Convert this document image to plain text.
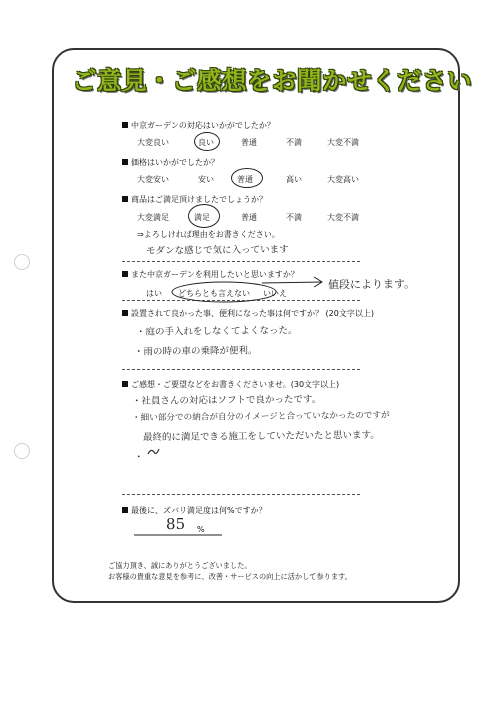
ご意見・ご感想をお聞かせください
中京ガーデンの対応はいかがでしたか？
大変良い	良い	普通	不満	大変不満
価格はいかがでしたか？
大変安い	安い	普通	高い	大変高い
商品はご満足頂けましたでしょうか？
大変満足	満足	普通	不満	大変不満
⇒よろしければ理由をお書きください。
モダンな感じで気に入っています
また中京ガーデンを利用したいと思いますか？
はい どちらとも言えない いいえ
値段によります。
設置されて良かった事、便利になった事は何ですか？ (20文字以上)
・庭の手入れをしなくてよくなった。
・雨の時の車の乗降が便利。
ご感想・ご要望などをお書きくださいませ。(30文字以上)
・社員さんの対応はソフトで良かったです。
・細い部分での納合が自分のイメージと合っていなかったのですが
最終的に満足できる施工をしていただいたと思います。
・
最後に、ズバリ満足度は何%ですか？
85 %
ご協力頂き、誠にありがとうございました。
お客様の貴重な意見を参考に、改善・サービスの向上に活かして参ります。
